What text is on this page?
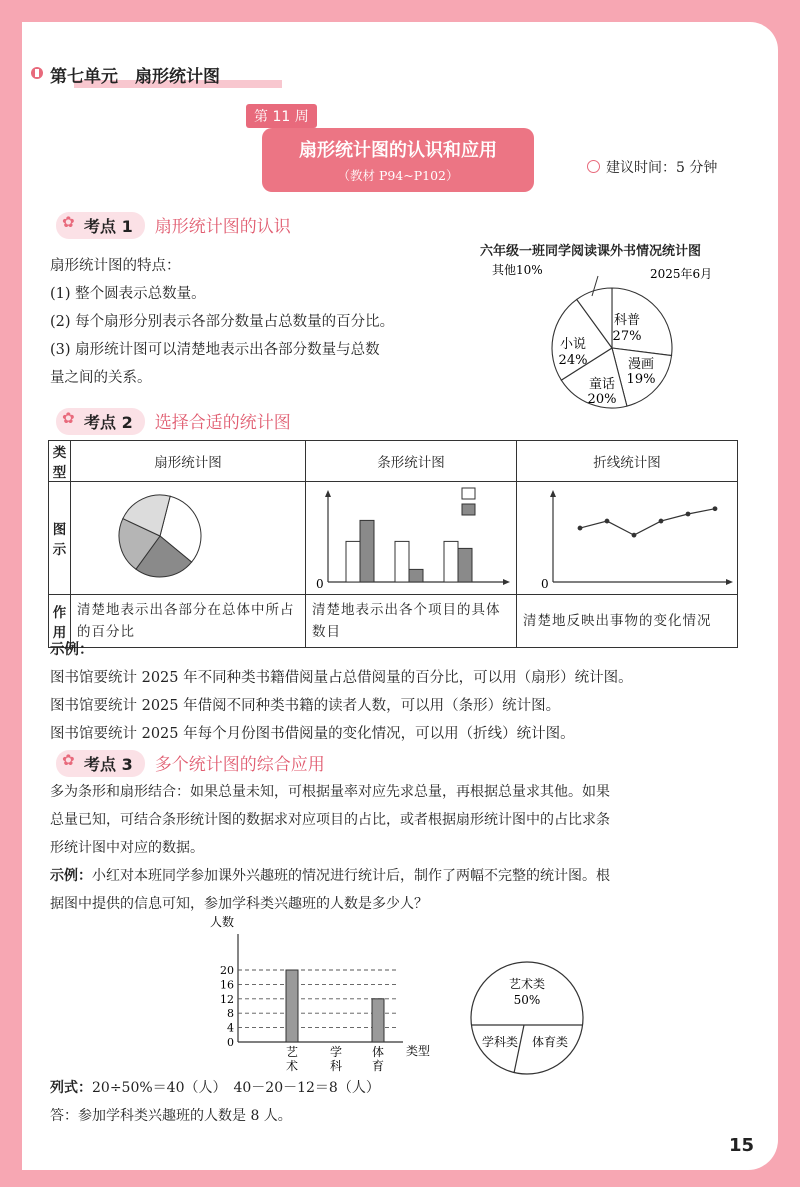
第七单元　扇形统计图
第 11 周
扇形统计图的认识和应用
（教材 P94~P102）	建议时间：5 分钟
✿ 考点 1 扇形统计图的认识
扇形统计图的特点：
(1) 整个圆表示总数量。
(2) 每个扇形分别表示各部分数量占总数量的百分比。
(3) 扇形统计图可以清楚地表示出各部分数量与总数
量之间的关系。
六年级一班同学阅读课外书情况统计图
其他10%	2025年6月
科普
27%
漫画
19%
童话
20%
小说
24%
✿ 考点 2 选择合适的统计图
类型	扇形统计图	条形统计图	折线统计图
图示		0	0

作用	清楚地表示出各部分在总体中所占的百分比	清楚地表示出各个项目的具体数目	清楚地反映出事物的变化情况
示例：
图书馆要统计 2025 年不同种类书籍借阅量占总借阅量的百分比，可以用（扇形）统计图。
图书馆要统计 2025 年借阅不同种类书籍的读者人数，可以用（条形）统计图。
图书馆要统计 2025 年每个月份图书借阅量的变化情况，可以用（折线）统计图。
✿ 考点 3 多个统计图的综合应用
多为条形和扇形结合：如果总量未知，可根据量率对应先求总量，再根据总量求其他。如果
总量已知，可结合条形统计图的数据求对应项目的占比，或者根据扇形统计图中的占比求条
形统计图中对应的数据。
示例：小红对本班同学参加课外兴趣班的情况进行统计后，制作了两幅不完整的统计图。根
据图中提供的信息可知，参加学科类兴趣班的人数是多少人？
人数
类型
20
16
12
8
4
0
艺
术
学
科
体
育
艺术类
50%
学科类 体育类
列式：20÷50%＝40（人）　40－20－12＝8（人）
答：参加学科类兴趣班的人数是 8 人。
15
